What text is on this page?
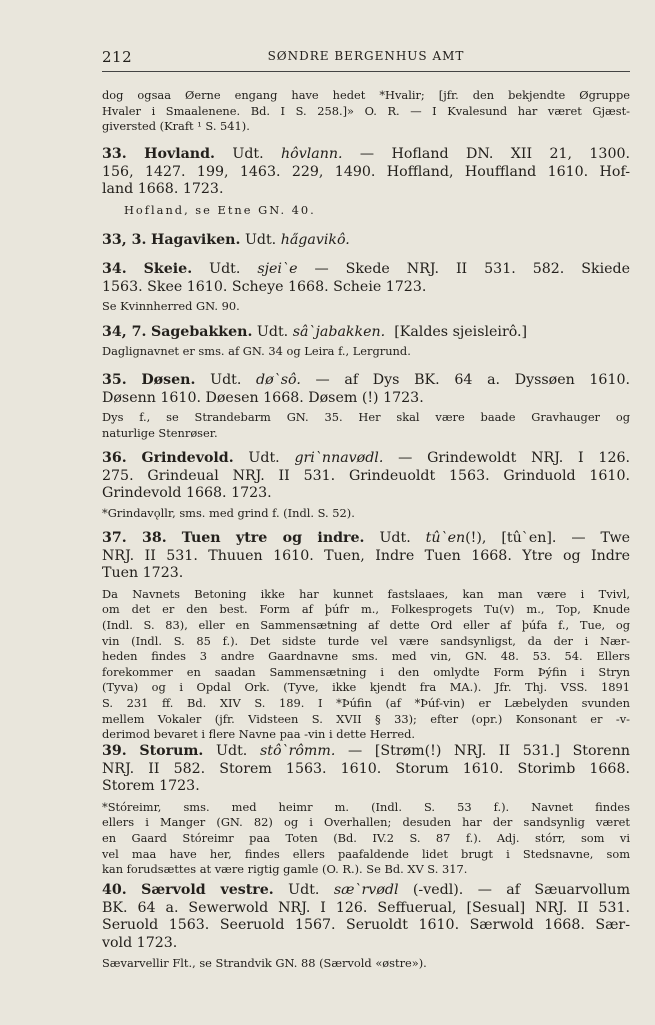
212	SØNDRE BERGENHUS AMT
dog ogsaa Øerne engang have hedet *Hvalir; [jfr. den bekjendte Øgruppe
Hvaler i Smaalenene. Bd. I S. 258.]» O. R. — I Kvalesund har været Gjæst-
giversted (Kraft ¹ S. 541).
33. Hovland. Udt. hôvlann. — Hofland DN. XII 21, 1300.
156, 1427. 199, 1463. 229, 1490. Hoffland, Houffland 1610. Hof-
land 1668. 1723.
Hofland, se Etne GN. 40.
33, 3. Hagaviken. Udt. ha̋gavikô.
34. Skeie. Udt. sjei`e — Skede NRJ. II 531. 582. Skiede
1563. Skee 1610. Scheye 1668. Scheie 1723.
Se Kvinnherred GN. 90.
34, 7. Sagebakken. Udt. sâ`jabakken. [Kaldes sjeisleirô.]
Daglignavnet er sms. af GN. 34 og Leira f., Lergrund.
35. Døsen. Udt. dø`sô. — af Dys BK. 64 a. Dyssøen 1610.
Døsenn 1610. Døesen 1668. Døsem (!) 1723.
Dys f., se Strandebarm GN. 35. Her skal være baade Gravhauger og
naturlige Stenrøser.
36. Grindevold. Udt. gri`nnavødl. — Grindewoldt NRJ. I 126.
275. Grindeual NRJ. II 531. Grindeuoldt 1563. Grinduold 1610.
Grindevold 1668. 1723.
*Grindavǫllr, sms. med grind f. (Indl. S. 52).
37. 38. Tuen ytre og indre. Udt. tû`en(!), [tû`en]. — Twe
NRJ. II 531. Thuuen 1610. Tuen, Indre Tuen 1668. Ytre og Indre
Tuen 1723.
Da Navnets Betoning ikke har kunnet fastslaaes, kan man være i Tvivl,
om det er den best. Form af þúfr m., Folkesprogets Tu(v) m., Top, Knude
(Indl. S. 83), eller en Sammensætning af dette Ord eller af þúfa f., Tue, og
vin (Indl. S. 85 f.). Det sidste turde vel være sandsynligst, da der i Nær-
heden findes 3 andre Gaardnavne sms. med vin, GN. 48. 53. 54. Ellers
forekommer en saadan Sammensætning i den omlydte Form Þýfin i Stryn
(Tyva) og i Opdal Ork. (Tyve, ikke kjendt fra MA.). Jfr. Thj. VSS. 1891
S. 231 ff. Bd. XIV S. 189. I *Þúfin (af *Þúf-vin) er Læbelyden svunden
mellem Vokaler (jfr. Vidsteen S. XVII § 33); efter (opr.) Konsonant er -v-
derimod bevaret i flere Navne paa -vin i dette Herred.
39. Storum. Udt. stô`rômm. — [Strøm(!) NRJ. II 531.] Storenn
NRJ. II 582. Storem 1563. 1610. Storum 1610. Storimb 1668.
Storem 1723.
*Stóreimr, sms. med heimr m. (Indl. S. 53 f.). Navnet findes
ellers i Manger (GN. 82) og i Overhallen; desuden har der sandsynlig været
en Gaard Stóreimr paa Toten (Bd. IV.2 S. 87 f.). Adj. stórr, som vi
vel maa have her, findes ellers paafaldende lidet brugt i Stedsnavne, som
kan forudsættes at være rigtig gamle (O. R.). Se Bd. XV S. 317.
40. Særvold vestre. Udt. sæ`rvødl (-vedl). — af Sæuarvollum
BK. 64 a. Sewerwold NRJ. I 126. Seffuerual, [Sesual] NRJ. II 531.
Seruold 1563. Seeruold 1567. Seruoldt 1610. Særwold 1668. Sær-
vold 1723.
Sævarvellir Flt., se Strandvik GN. 88 (Særvold «østre»).
